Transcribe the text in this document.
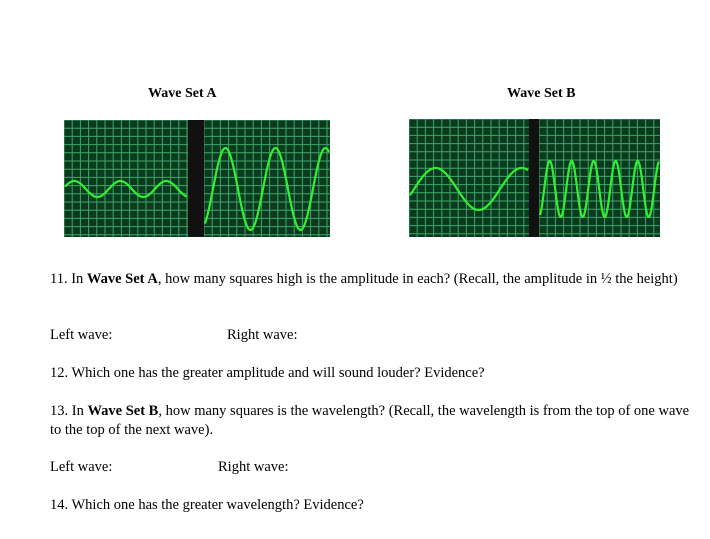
Wave Set A	Wave Set B
11. In Wave Set A, how many squares high is the amplitude in each? (Recall, the amplitude in ½ the height)
Left wave:	Right wave:
12. Which one has the greater amplitude and will sound louder? Evidence?
13. In Wave Set B, how many squares is the wavelength? (Recall, the wavelength is from the top of one wave to the top of the next wave).
Left wave:	Right wave:
14. Which one has the greater wavelength? Evidence?
